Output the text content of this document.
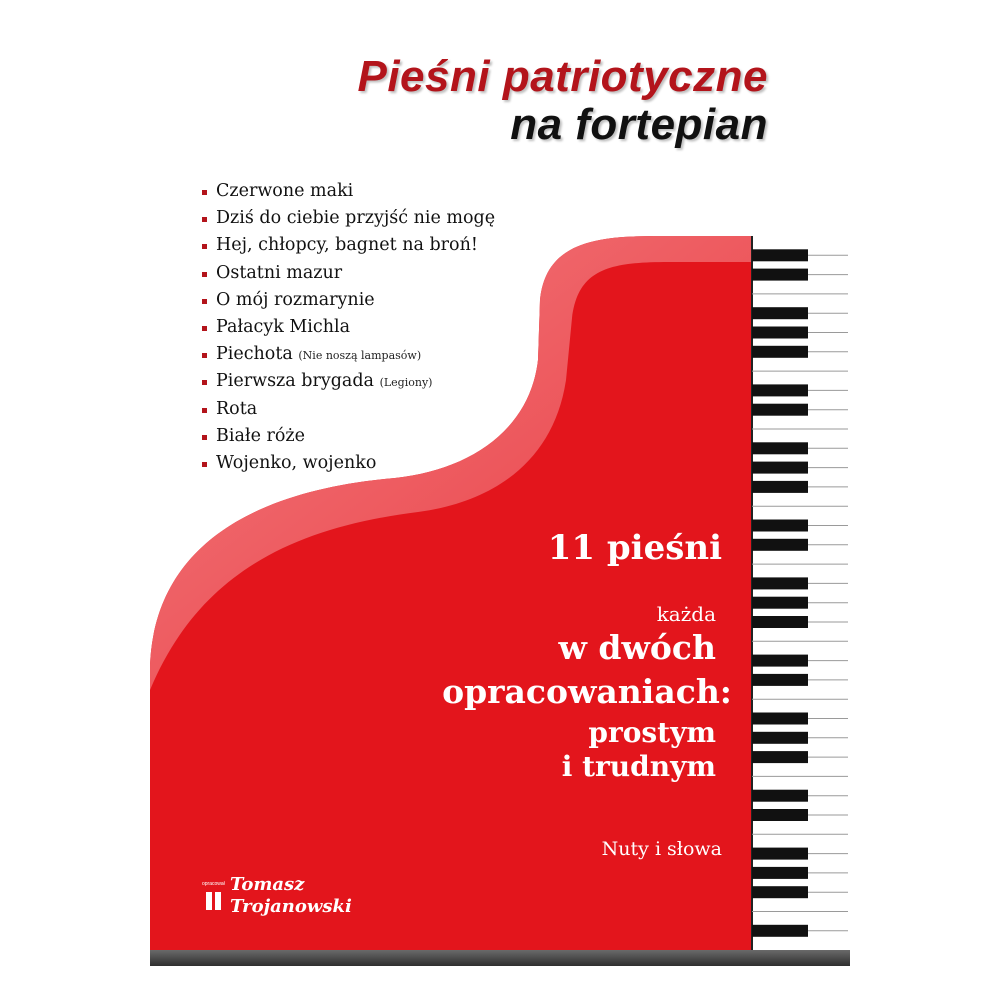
Pieśni patriotyczne
na fortepian
Czerwone maki
Dziś do ciebie przyjść nie mogę
Hej, chłopcy, bagnet na broń!
Ostatni mazur
O mój rozmarynie
Pałacyk Michla
Piechota (Nie noszą lampasów)
Pierwsza brygada (Legiony)
Rota
Białe róże
Wojenko, wojenko
11 pieśni
każda
w dwóch
opracowaniach:
prostym
i trudnym
Nuty i słowa
opracował Tomasz
Trojanowski
